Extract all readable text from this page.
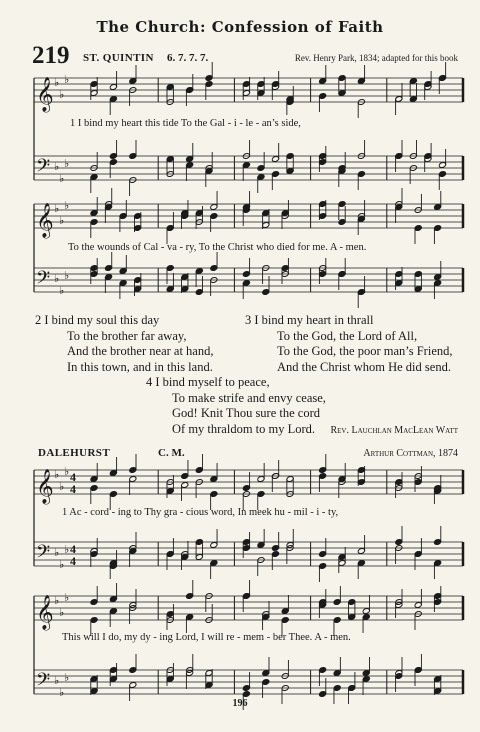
The Church: Confession of Faith
219 ST. QUINTIN 6. 7. 7. 7.	Rev. Henry Park, 1834; adapted for this book
𝄞
𝄢
♭
♭
♭
♭
♭
♭
1 I bind my heart this tide To the Gal - i - le - an’s side,
𝄞
𝄢
♭
♭
♭
♭
♭
♭
To the wounds of Cal - va - ry, To the Christ who died for me. A - men.
2 I bind my soul this day
To the brother far away,
And the brother near at hand,
In this town, and in this land.
3 I bind my heart in thrall
To the God, the Lord of All,
To the God, the poor man’s Friend,
And the Christ whom He did send.
4 I bind myself to peace,
To make strife and envy cease,
God! Knit Thou sure the cord
Of my thraldom to my Lord.	Rev. Lauchlan MacLean Watt
DALEHURST	C. M.	Arthur Cottman, 1874
𝄞
𝄢
♭
♭
♭
♭
♭
♭
4
4
4
4
1 Ac - cord - ing to Thy gra - cious word, In meek hu - mil - i - ty,
𝄞
𝄢
♭
♭
♭
♭
♭
♭
This will I do, my dy - ing Lord, I will re - mem - ber Thee. A - men.
196
